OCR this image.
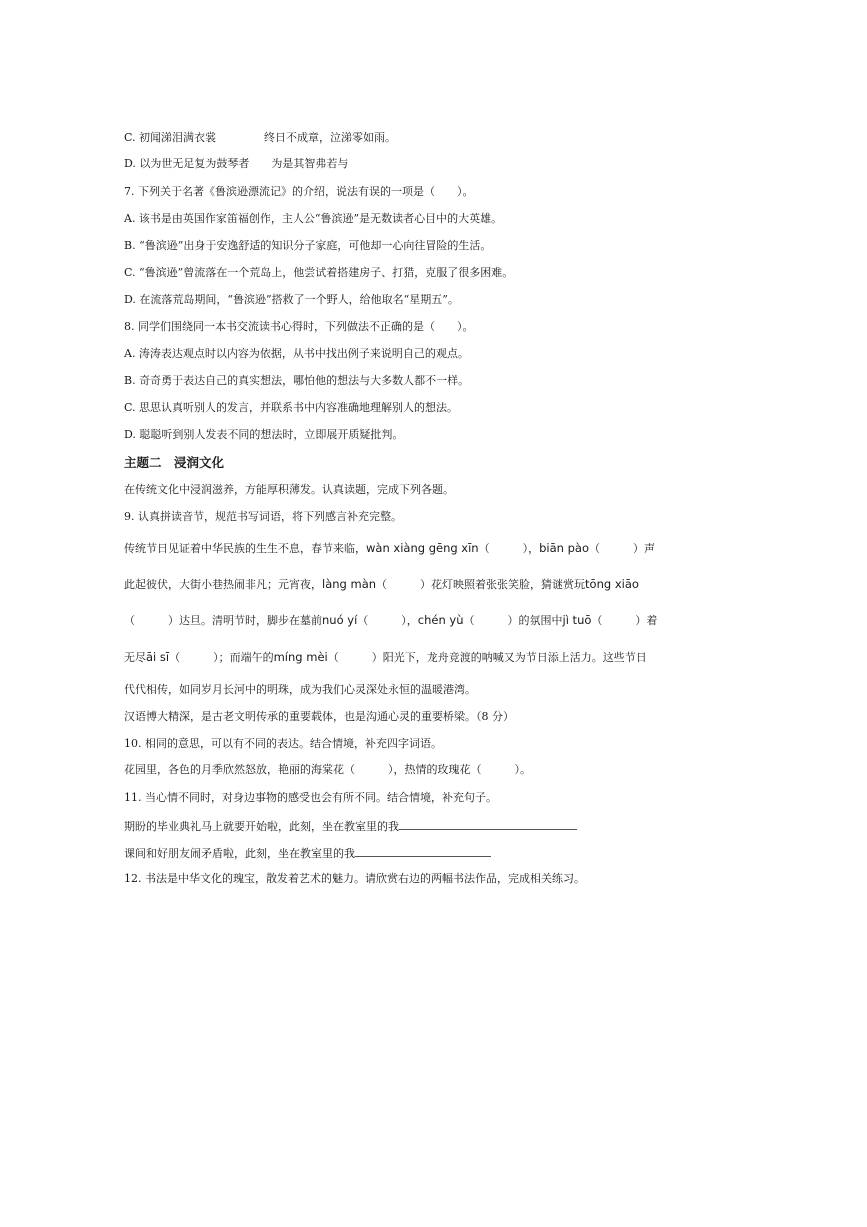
C. 初闻涕泪满衣裳	终日不成章，泣涕零如雨。
D. 以为世无足复为鼓琴者 为是其智弗若与
7. 下列关于名著《鲁滨逊漂流记》的介绍，说法有误的一项是（　　）。
A. 该书是由英国作家笛福创作，主人公“鲁滨逊”是无数读者心目中的大英雄。
B. “鲁滨逊”出身于安逸舒适的知识分子家庭，可他却一心向往冒险的生活。
C. “鲁滨逊”曾流落在一个荒岛上，他尝试着搭建房子、打猎，克服了很多困难。
D. 在流落荒岛期间，“鲁滨逊”搭救了一个野人，给他取名“星期五”。
8. 同学们围绕同一本书交流读书心得时，下列做法不正确的是（　　）。
A. 涛涛表达观点时以内容为依据，从书中找出例子来说明自己的观点。
B. 奇奇勇于表达自己的真实想法，哪怕他的想法与大多数人都不一样。
C. 思思认真听别人的发言，并联系书中内容准确地理解别人的想法。
D. 聪聪听到别人发表不同的想法时，立即展开质疑批判。
主题二　浸润文化
在传统文化中浸润滋养，方能厚积薄发。认真读题，完成下列各题。
9. 认真拼读音节，规范书写词语，将下列感言补充完整。
传统节日见证着中华民族的生生不息，春节来临，wàn xiàng gēng xīn（　　　），biān pào（　　　）声
此起彼伏，大街小巷热闹非凡；元宵夜，làng màn（　　　）花灯映照着张张笑脸，猜谜赏玩tōng xiāo
（　　　）达旦。清明节时，脚步在墓前nuó yí（　　　），chén yù（　　　）的氛围中jì tuō（　　　）着
无尽āi sī（　　　）；而端午的míng mèi（　　　）阳光下，龙舟竞渡的呐喊又为节日添上活力。这些节日
代代相传，如同岁月长河中的明珠，成为我们心灵深处永恒的温暖港湾。
汉语博大精深，是古老文明传承的重要载体，也是沟通心灵的重要桥梁。（8 分）
10. 相同的意思，可以有不同的表达。结合情境，补充四字词语。
花园里，各色的月季欣然怒放，艳丽的海棠花（　　　），热情的玫瑰花（　　　）。
11. 当心情不同时，对身边事物的感受也会有所不同。结合情境，补充句子。
期盼的毕业典礼马上就要开始啦，此刻，坐在教室里的我
课间和好朋友闹矛盾啦，此刻，坐在教室里的我
12. 书法是中华文化的瑰宝，散发着艺术的魅力。请欣赏右边的两幅书法作品，完成相关练习。
